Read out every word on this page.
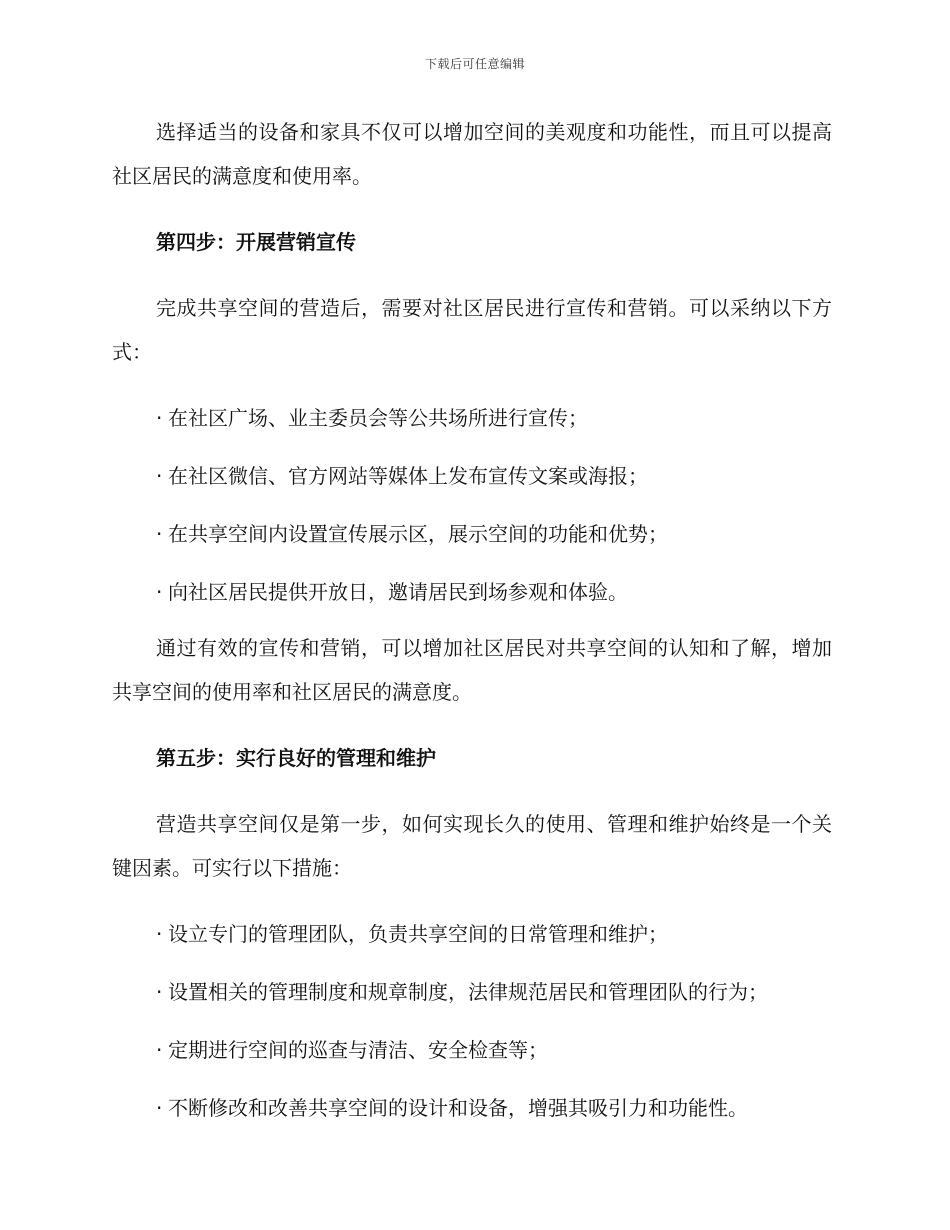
下载后可任意编辑

选择适当的设备和家具不仅可以增加空间的美观度和功能性，而且可以提高社区居民的满意度和使用率。

第四步：开展营销宣传

完成共享空间的营造后，需要对社区居民进行宣传和营销。可以采纳以下方式：

· 在社区广场、业主委员会等公共场所进行宣传；
· 在社区微信、官方网站等媒体上发布宣传文案或海报；
· 在共享空间内设置宣传展示区，展示空间的功能和优势；
· 向社区居民提供开放日，邀请居民到场参观和体验。

通过有效的宣传和营销，可以增加社区居民对共享空间的认知和了解，增加共享空间的使用率和社区居民的满意度。

第五步：实行良好的管理和维护

营造共享空间仅是第一步，如何实现长久的使用、管理和维护始终是一个关键因素。可实行以下措施：

· 设立专门的管理团队，负责共享空间的日常管理和维护；
· 设置相关的管理制度和规章制度，法律规范居民和管理团队的行为；
· 定期进行空间的巡查与清洁、安全检查等；
· 不断修改和改善共享空间的设计和设备，增强其吸引力和功能性。
